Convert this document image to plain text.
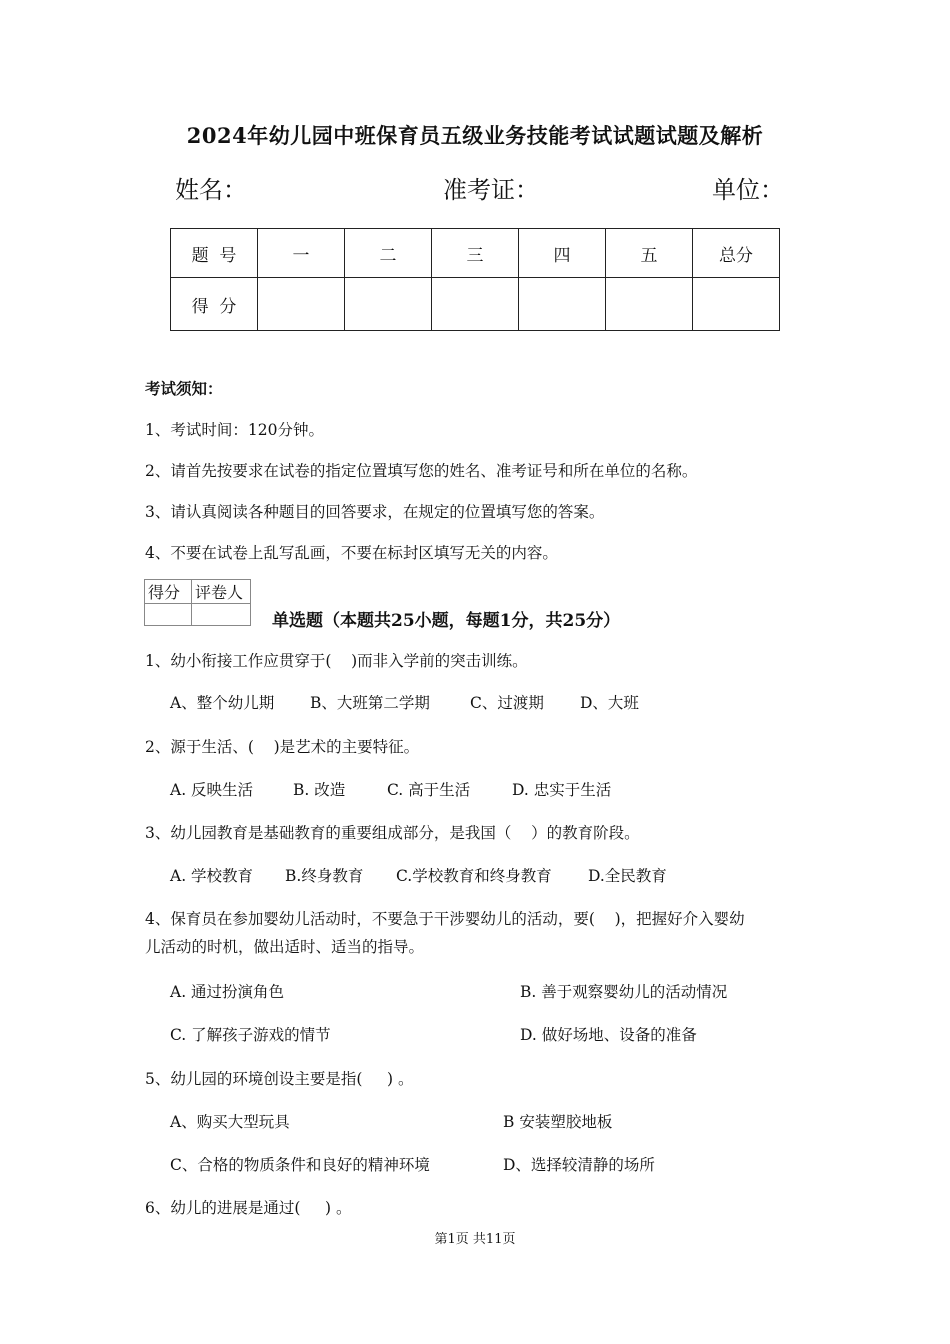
2024年幼儿园中班保育员五级业务技能考试试题试题及解析
姓名：	准考证：	单位：
题  号	一	二	三	四	五	总分
得  分						
考试须知：
1、考试时间：120分钟。
2、请首先按要求在试卷的指定位置填写您的姓名、准考证号和所在单位的名称。
3、请认真阅读各种题目的回答要求，在规定的位置填写您的答案。
4、不要在试卷上乱写乱画，不要在标封区填写无关的内容。
得分	评卷人

单选题（本题共25小题，每题1分，共25分）
1、幼小衔接工作应贯穿于(    )而非入学前的突击训练。
A、整个幼儿期 B、大班第二学期	C、过渡期 D、大班
2、源于生活、(    )是艺术的主要特征。
A. 反映生活	B. 改造	C. 高于生活	D. 忠实于生活
3、幼儿园教育是基础教育的重要组成部分，是我国（    ）的教育阶段。
A. 学校教育 B.终身教育 C.学校教育和终身教育 D.全民教育
4、保育员在参加婴幼儿活动时，不要急于干涉婴幼儿的活动，要(    )，把握好介入婴幼
儿活动的时机，做出适时、适当的指导。
A. 通过扮演角色	B. 善于观察婴幼儿的活动情况
C. 了解孩子游戏的情节	D. 做好场地、设备的准备
5、幼儿园的环境创设主要是指(     ) 。
A、购买大型玩具	B 安装塑胶地板
C、合格的物质条件和良好的精神环境	D、选择较清静的场所
6、幼儿的进展是通过(     ) 。
第1页 共11页
